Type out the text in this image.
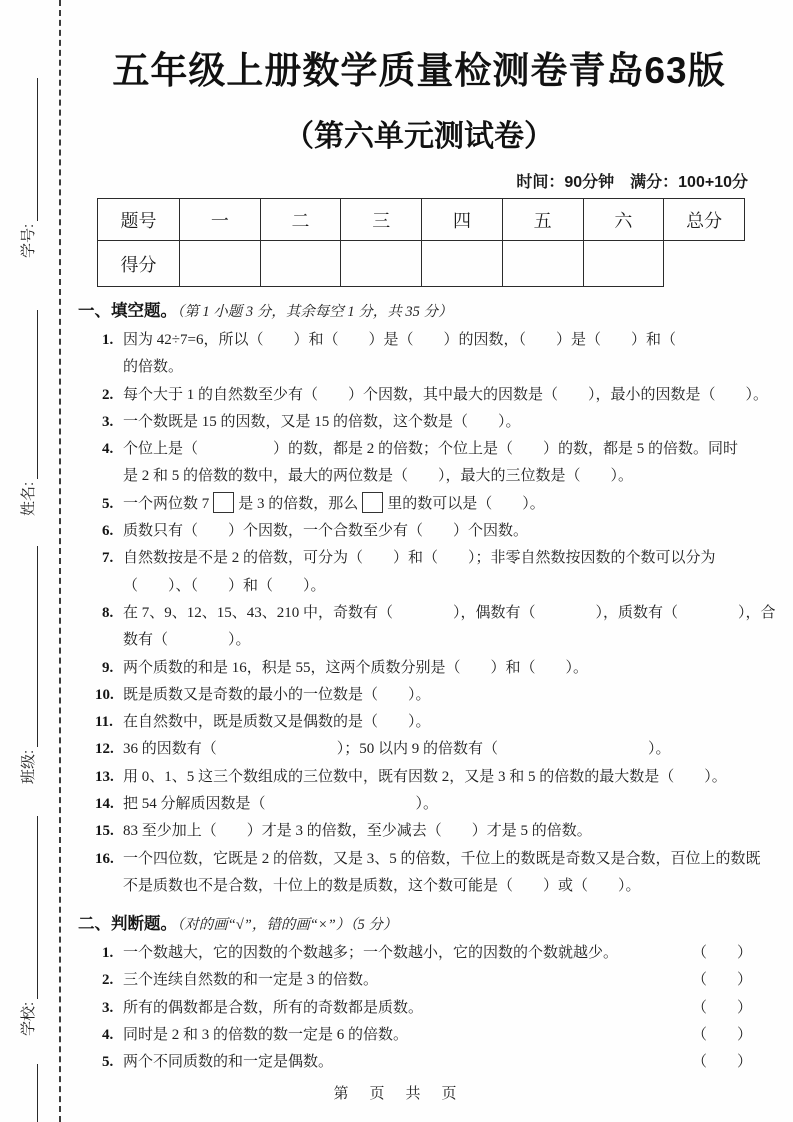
学号:
姓名:
班级:
学校:
五年级上册数学质量检测卷青岛63版
（第六单元测试卷）
时间：90分钟　满分：100+10分
题号	一	二	三	四	五	六	总分
得分							
一、填空题。（第 1 小题 3 分，其余每空 1 分，共 35 分）
1. 因为 42÷7=6，所以（　　）和（　　）是（　　）的因数，（　　）是（　　）和（
的倍数。
2. 每个大于 1 的自然数至少有（　　）个因数，其中最大的因数是（　　），最小的因数是（　　）。
3. 一个数既是 15 的因数，又是 15 的倍数，这个数是（　　）。
4. 个位上是（　　　　　）的数，都是 2 的倍数；个位上是（　　）的数，都是 5 的倍数。同时
是 2 和 5 的倍数的数中，最大的两位数是（　　），最大的三位数是（　　）。
5. 一个两位数 7 是 3 的倍数，那么 里的数可以是（　　）。
6. 质数只有（　　）个因数，一个合数至少有（　　）个因数。
7. 自然数按是不是 2 的倍数，可分为（　　）和（　　）；非零自然数按因数的个数可以分为
（　　）、（　　）和（　　）。
8. 在 7、9、12、15、43、210 中，奇数有（　　　　），偶数有（　　　　），质数有（　　　　），合
数有（　　　　）。
9. 两个质数的和是 16，积是 55，这两个质数分别是（　　）和（　　）。
10. 既是质数又是奇数的最小的一位数是（　　）。
11. 在自然数中，既是质数又是偶数的是（　　）。
12. 36 的因数有（　　　　　　　　）；50 以内 9 的倍数有（　　　　　　　　　　）。
13. 用 0、1、5 这三个数组成的三位数中，既有因数 2，又是 3 和 5 的倍数的最大数是（　　）。
14. 把 54 分解质因数是（　　　　　　　　　　）。
15. 83 至少加上（　　）才是 3 的倍数，至少减去（　　）才是 5 的倍数。
16. 一个四位数，它既是 2 的倍数，又是 3、5 的倍数，千位上的数既是奇数又是合数，百位上的数既
不是质数也不是合数，十位上的数是质数，这个数可能是（　　）或（　　）。
二、判断题。（对的画“√”，错的画“×”）（5 分）
1. 一个数越大，它的因数的个数越多；一个数越小，它的因数的个数就越少。	（　　）
2. 三个连续自然数的和一定是 3 的倍数。	（　　）
3. 所有的偶数都是合数，所有的奇数都是质数。	（　　）
4. 同时是 2 和 3 的倍数的数一定是 6 的倍数。	（　　）
5. 两个不同质数的和一定是偶数。	（　　）
第　页　共　页
